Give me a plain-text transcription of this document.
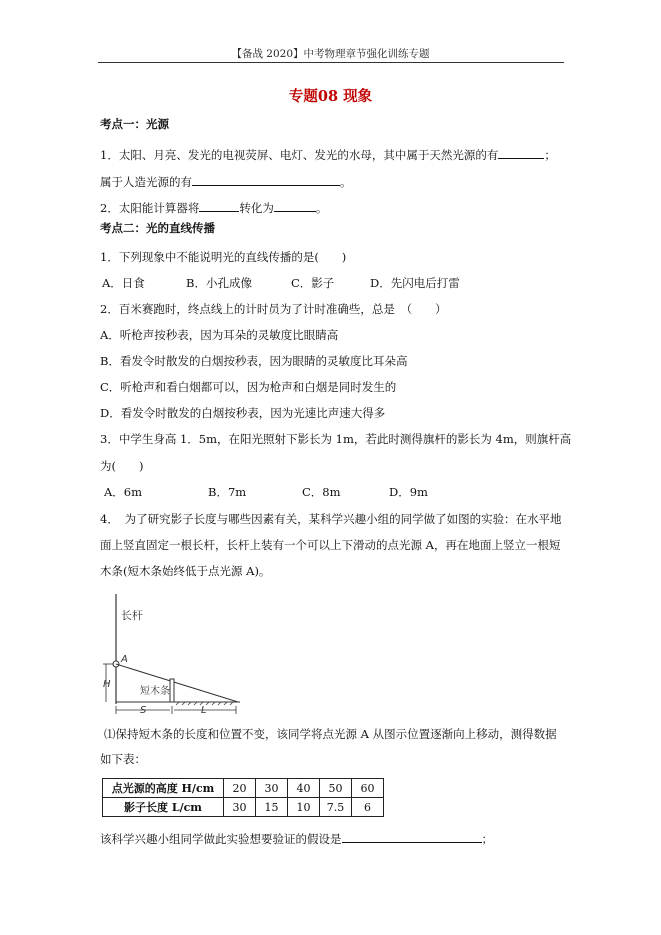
【备战 2020】中考物理章节强化训练专题
专题08 现象
考点一：光源
1．太阳、月亮、发光的电视荧屏、电灯、发光的水母，其中属于天然光源的有	；
属于人造光源的有	。
2．太阳能计算器将	转化为	。
考点二：光的直线传播
1．下列现象中不能说明光的直线传播的是(　　)
A．日食	B．小孔成像	C．影子	D．先闪电后打雷
2．百米赛跑时，终点线上的计时员为了计时准确些，总是　（　　）
A．听枪声按秒表，因为耳朵的灵敏度比眼睛高
B．看发令时散发的白烟按秒表，因为眼睛的灵敏度比耳朵高
C．听枪声和看白烟都可以，因为枪声和白烟是同时发生的
D．看发令时散发的白烟按秒表，因为光速比声速大得多
3．中学生身高 1．5m，在阳光照射下影长为 1m，若此时测得旗杆的影长为 4m，则旗杆高
为(　　)
A．6m	B．7m	C．8m	D．9m
4．　为了研究影子长度与哪些因素有关，某科学兴趣小组的同学做了如图的实验：在水平地
面上竖直固定一根长杆，长杆上装有一个可以上下滑动的点光源 A，再在地面上竖立一根短
木条(短木条始终低于点光源 A)。
长杆
A
H
短木条
S	L
⑴保持短木条的长度和位置不变，该同学将点光源 A 从图示位置逐渐向上移动，测得数据
如下表：
点光源的高度 H/cm	20	30	40	50	60
影子长度 L/cm	30	15	10	7.5	6
该科学兴趣小组同学做此实验想要验证的假设是	；
